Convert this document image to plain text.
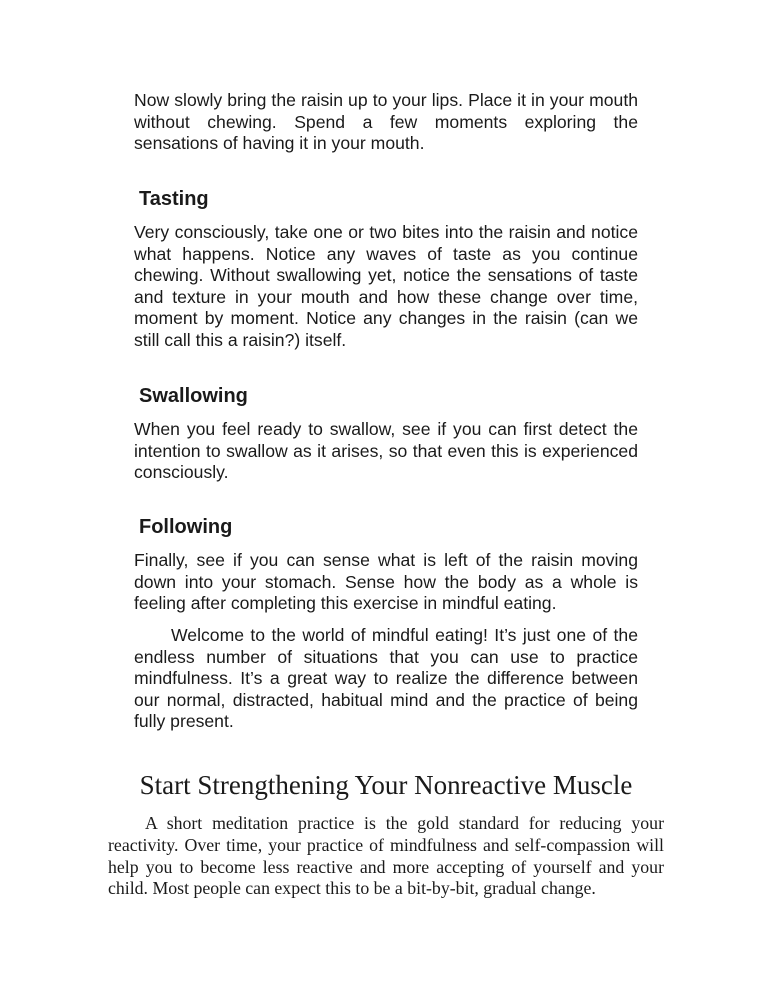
Now slowly bring the raisin up to your lips. Place it in your mouth without chewing. Spend a few moments exploring the sensations of having it in your mouth.

Tasting

Very consciously, take one or two bites into the raisin and notice what happens. Notice any waves of taste as you continue chewing. Without swallowing yet, notice the sensations of taste and texture in your mouth and how these change over time, moment by moment. Notice any changes in the raisin (can we still call this a raisin?) itself.

Swallowing

When you feel ready to swallow, see if you can first detect the intention to swallow as it arises, so that even this is experienced consciously.

Following

Finally, see if you can sense what is left of the raisin moving down into your stomach. Sense how the body as a whole is feeling after completing this exercise in mindful eating.

Welcome to the world of mindful eating! It’s just one of the endless number of situations that you can use to practice mindfulness. It’s a great way to realize the difference between our normal, distracted, habitual mind and the practice of being fully present.

Start Strengthening Your Nonreactive Muscle

A short meditation practice is the gold standard for reducing your reactivity. Over time, your practice of mindfulness and self-compassion will help you to become less reactive and more accepting of yourself and your child. Most people can expect this to be a bit-by-bit, gradual change.
